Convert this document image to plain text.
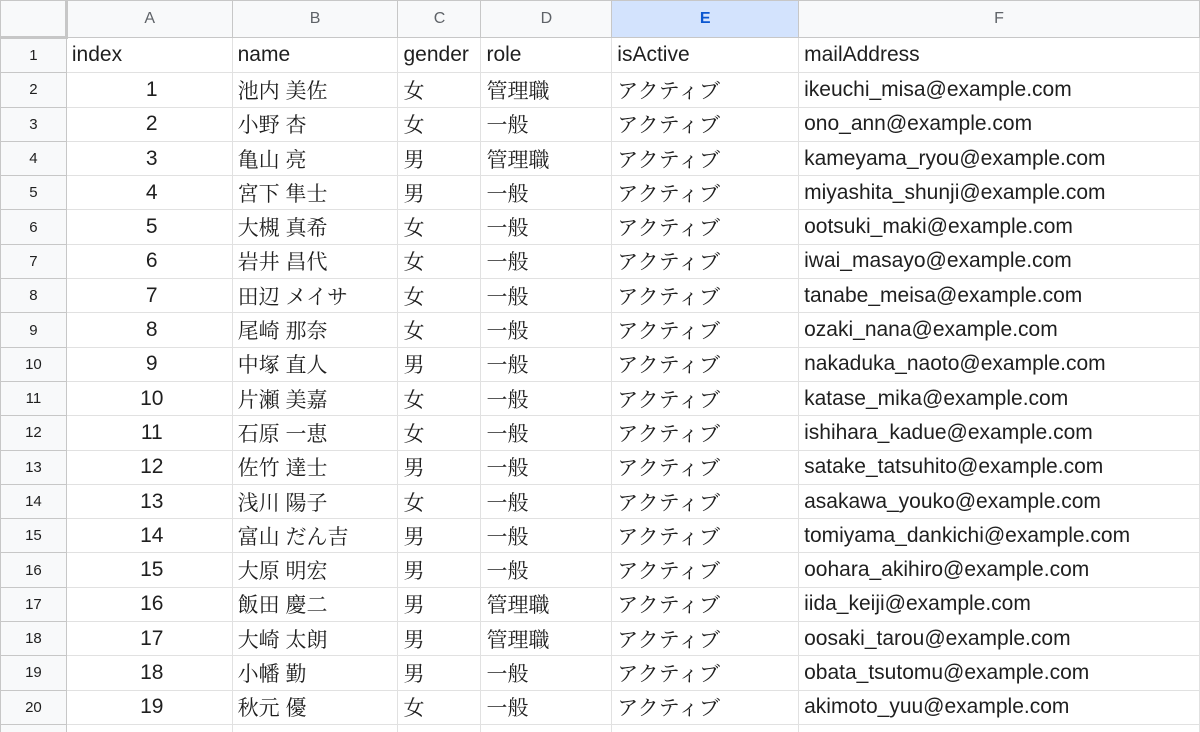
	A	B	C	D	E	F
1	index	name	gender	role	isActive	mailAddress
2	1	池内 美佐	女	管理職	アクティブ	ikeuchi_misa@example.com
3	2	小野 杏	女	一般	アクティブ	ono_ann@example.com
4	3	亀山 亮	男	管理職	アクティブ	kameyama_ryou@example.com
5	4	宮下 隼士	男	一般	アクティブ	miyashita_shunji@example.com
6	5	大槻 真希	女	一般	アクティブ	ootsuki_maki@example.com
7	6	岩井 昌代	女	一般	アクティブ	iwai_masayo@example.com
8	7	田辺 メイサ	女	一般	アクティブ	tanabe_meisa@example.com
9	8	尾崎 那奈	女	一般	アクティブ	ozaki_nana@example.com
10	9	中塚 直人	男	一般	アクティブ	nakaduka_naoto@example.com
11	10	片瀬 美嘉	女	一般	アクティブ	katase_mika@example.com
12	11	石原 一恵	女	一般	アクティブ	ishihara_kadue@example.com
13	12	佐竹 達士	男	一般	アクティブ	satake_tatsuhito@example.com
14	13	浅川 陽子	女	一般	アクティブ	asakawa_youko@example.com
15	14	富山 だん吉	男	一般	アクティブ	tomiyama_dankichi@example.com
16	15	大原 明宏	男	一般	アクティブ	oohara_akihiro@example.com
17	16	飯田 慶二	男	管理職	アクティブ	iida_keiji@example.com
18	17	大崎 太朗	男	管理職	アクティブ	oosaki_tarou@example.com
19	18	小幡 勤	男	一般	アクティブ	obata_tsutomu@example.com
20	19	秋元 優	女	一般	アクティブ	akimoto_yuu@example.com
